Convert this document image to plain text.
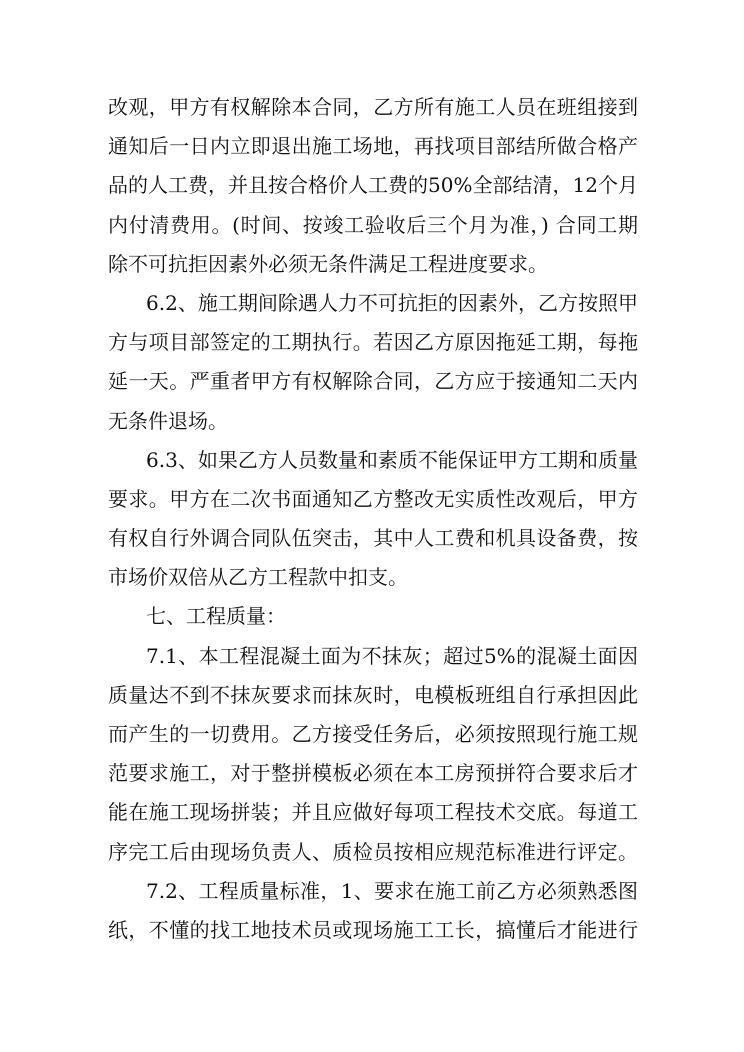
改观，甲方有权解除本合同，乙方所有施工人员在班组接到
通知后一日内立即退出施工场地，再找项目部结所做合格产
品的人工费，并且按合格价人工费的50%全部结清，12个月
内付清费用。(时间、按竣工验收后三个月为准，) 合同工期
除不可抗拒因素外必须无条件满足工程进度要求。
6.2、施工期间除遇人力不可抗拒的因素外，乙方按照甲
方与项目部签定的工期执行。若因乙方原因拖延工期，每拖
延一天。严重者甲方有权解除合同，乙方应于接通知二天内
无条件退场。
6.3、如果乙方人员数量和素质不能保证甲方工期和质量
要求。甲方在二次书面通知乙方整改无实质性改观后，甲方
有权自行外调合同队伍突击，其中人工费和机具设备费，按
市场价双倍从乙方工程款中扣支。
七、工程质量：
7.1、本工程混凝土面为不抹灰；超过5%的混凝土面因
质量达不到不抹灰要求而抹灰时，电模板班组自行承担因此
而产生的一切费用。乙方接受任务后，必须按照现行施工规
范要求施工，对于整拼模板必须在本工房预拼符合要求后才
能在施工现场拼装；并且应做好每项工程技术交底。每道工
序完工后由现场负责人、质检员按相应规范标准进行评定。
7.2、工程质量标准，1、要求在施工前乙方必须熟悉图
纸，不懂的找工地技术员或现场施工工长，搞懂后才能进行
